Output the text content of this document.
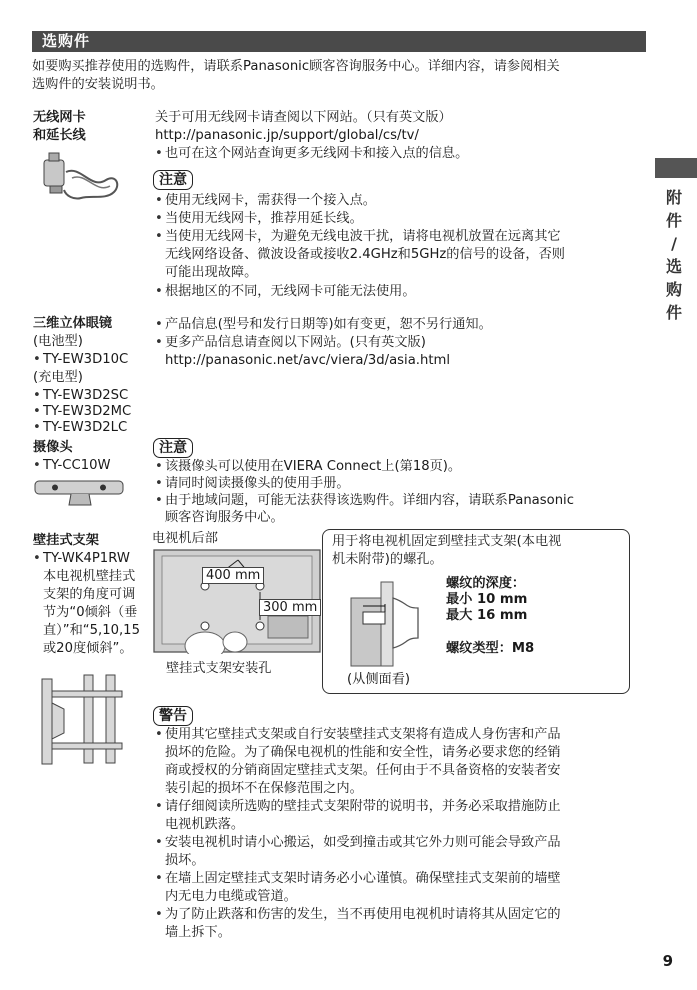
选购件
如要购买推荐使用的选购件，请联系Panasonic顾客咨询服务中心。详细内容，请参阅相关
选购件的安装说明书。
无线网卡
和延长线
关于可用无线网卡请查阅以下网站。（只有英文版）
http://panasonic.jp/support/global/cs/tv/
• 也可在这个网站查询更多无线网卡和接入点的信息。
注意
• 使用无线网卡，需获得一个接入点。
• 当使用无线网卡，推荐用延长线。
• 当使用无线网卡，为避免无线电波干扰，请将电视机放置在远离其它
无线网络设备、微波设备或接收2.4GHz和5GHz的信号的设备，否则
可能出现故障。
• 根据地区的不同，无线网卡可能无法使用。
三维立体眼镜
(电池型)
• TY-EW3D10C
(充电型)
• TY-EW3D2SC
• TY-EW3D2MC
• TY-EW3D2LC
• 产品信息(型号和发行日期等)如有变更，恕不另行通知。
• 更多产品信息请查阅以下网站。(只有英文版)
http://panasonic.net/avc/viera/3d/asia.html
摄像头
• TY-CC10W
注意
• 该摄像头可以使用在VIERA Connect上(第18页)。
• 请同时阅读摄像头的使用手册。
• 由于地域问题，可能无法获得该选购件。详细内容，请联系Panasonic
顾客咨询服务中心。
壁挂式支架
• TY-WK4P1RW
本电视机壁挂式
支架的角度可调
节为“0倾斜（垂
直）”和“5,10,15
或20度倾斜”。
电视机后部
400 mm
300 mm
壁挂式支架安装孔
用于将电视机固定到壁挂式支架(本电视
机未附带)的螺孔。
螺纹的深度：
最小 10 mm
最大 16 mm
螺纹类型：M8
(从侧面看)
警告
• 使用其它壁挂式支架或自行安装壁挂式支架将有造成人身伤害和产品
损坏的危险。为了确保电视机的性能和安全性，请务必要求您的经销
商或授权的分销商固定壁挂式支架。任何由于不具备资格的安装者安
装引起的损坏不在保修范围之内。
• 请仔细阅读所选购的壁挂式支架附带的说明书，并务必采取措施防止
电视机跌落。
• 安装电视机时请小心搬运，如受到撞击或其它外力则可能会导致产品
损坏。
• 在墙上固定壁挂式支架时请务必小心谨慎。确保壁挂式支架前的墙壁
内无电力电缆或管道。
• 为了防止跌落和伤害的发生，当不再使用电视机时请将其从固定它的
墙上拆下。
附
件
/
选
购
件
9
